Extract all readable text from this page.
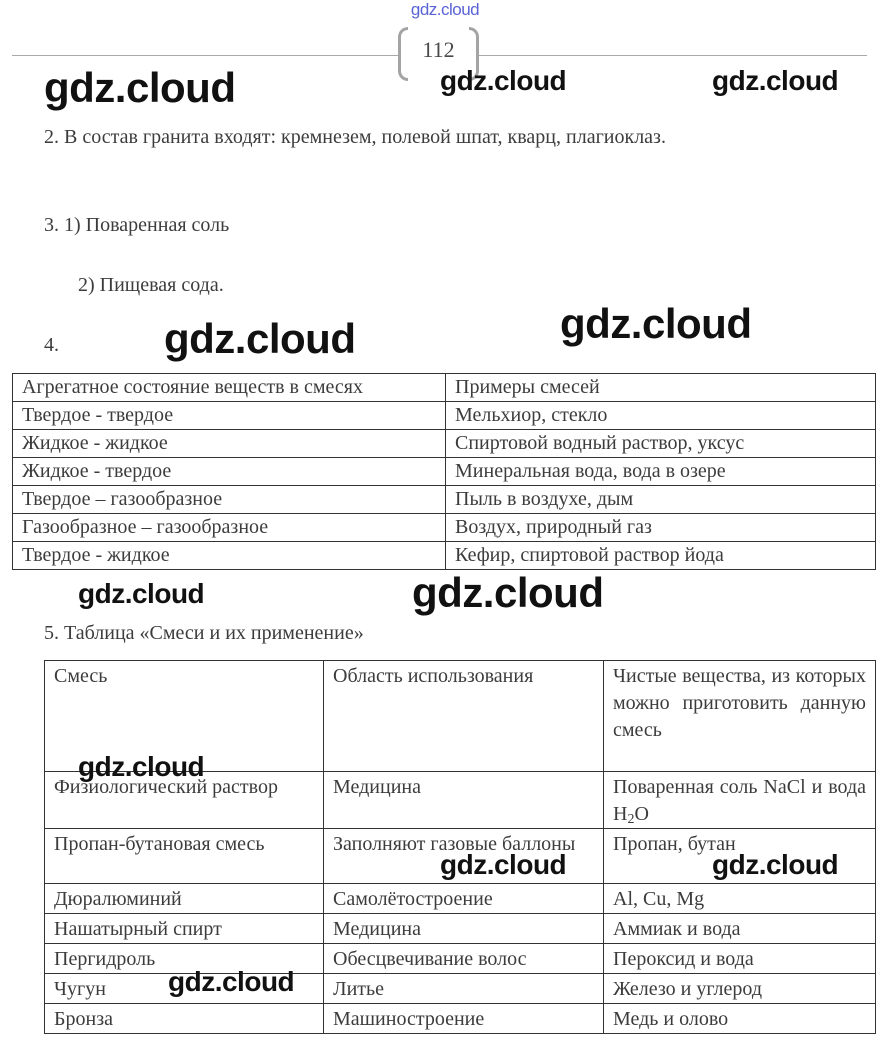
gdz.cloud
112
gdz.cloud	gdz.cloud	gdz.cloud
gdz.cloud	gdz.cloud
2. В состав гранита входят: кремнезем, полевой шпат, кварц, плагиоклаз.
3. 1) Поваренная соль
2) Пищевая сода.
4.
Агрегатное состояние веществ в смесях	Примеры смесей
Твердое - твердое	Мельхиор, стекло
Жидкое - жидкое	Спиртовой водный раствор, уксус
Жидкое - твердое	Минеральная вода, вода в озере
Твердое – газообразное	Пыль в воздухе, дым
Газообразное – газообразное	Воздух, природный газ
Твердое - жидкое	Кефир, спиртовой раствор йода
gdz.cloud	gdz.cloud
5. Таблица «Смеси и их применение»
Смесь	Область использования	Чистые вещества, из которых можно приготовить данную смесь
Физиологический раствор	Медицина	Поваренная соль NaCl и вода $H_2O$
Пропан-бутановая смесь	Заполняют газовые баллоны	Пропан, бутан
Дюралюминий	Самолётостроение	Al, Cu, Mg
Нашатырный спирт	Медицина	Аммиак и вода
Пергидроль	Обесцвечивание волос	Пероксид и вода
Чугун	Литье	Железо и углерод
Бронза	Машиностроение	Медь и олово
gdz.cloud
gdz.cloud	gdz.cloud
gdz.cloud
